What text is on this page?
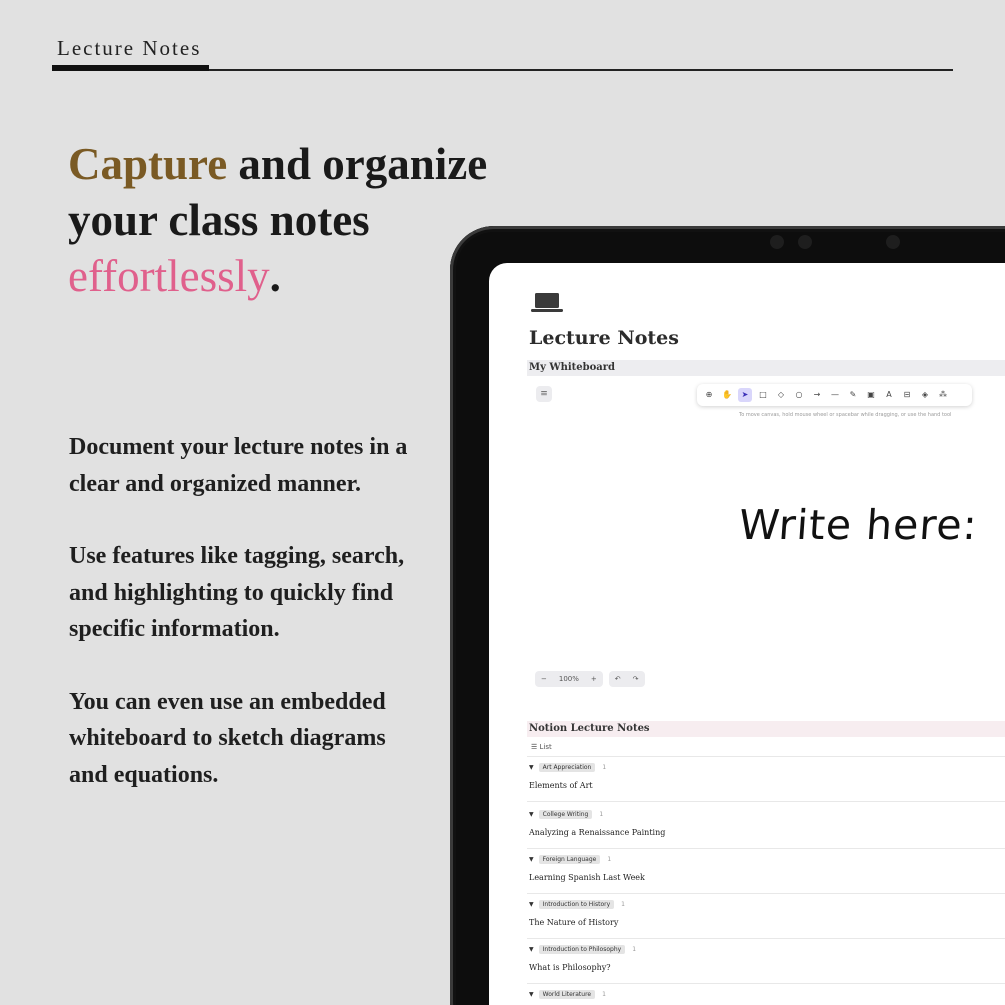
Lecture Notes
Capture and organize your class notes effortlessly.

Document your lecture notes in a clear and organized manner.

Use features like tagging, search, and highlighting to quickly find specific information.

You can even use an embedded whiteboard to sketch diagrams and equations.

Lecture Notes
My Whiteboard
≡	⊕	✋	➤	□	◇	○	→	—	✎	▣	A	⊟	◈	⁂
To move canvas, hold mouse wheel or spacebar while dragging, or use the hand tool
Write here:
−	100%	+	↶	↷
Notion Lecture Notes
☰ List
▼	Art Appreciation	1
Elements of Art
▼	College Writing	1
Analyzing a Renaissance Painting
▼	Foreign Language	1
Learning Spanish Last Week
▼	Introduction to History	1
The Nature of History
▼	Introduction to Philosophy	1
What is Philosophy?
▼	World Literature	1
